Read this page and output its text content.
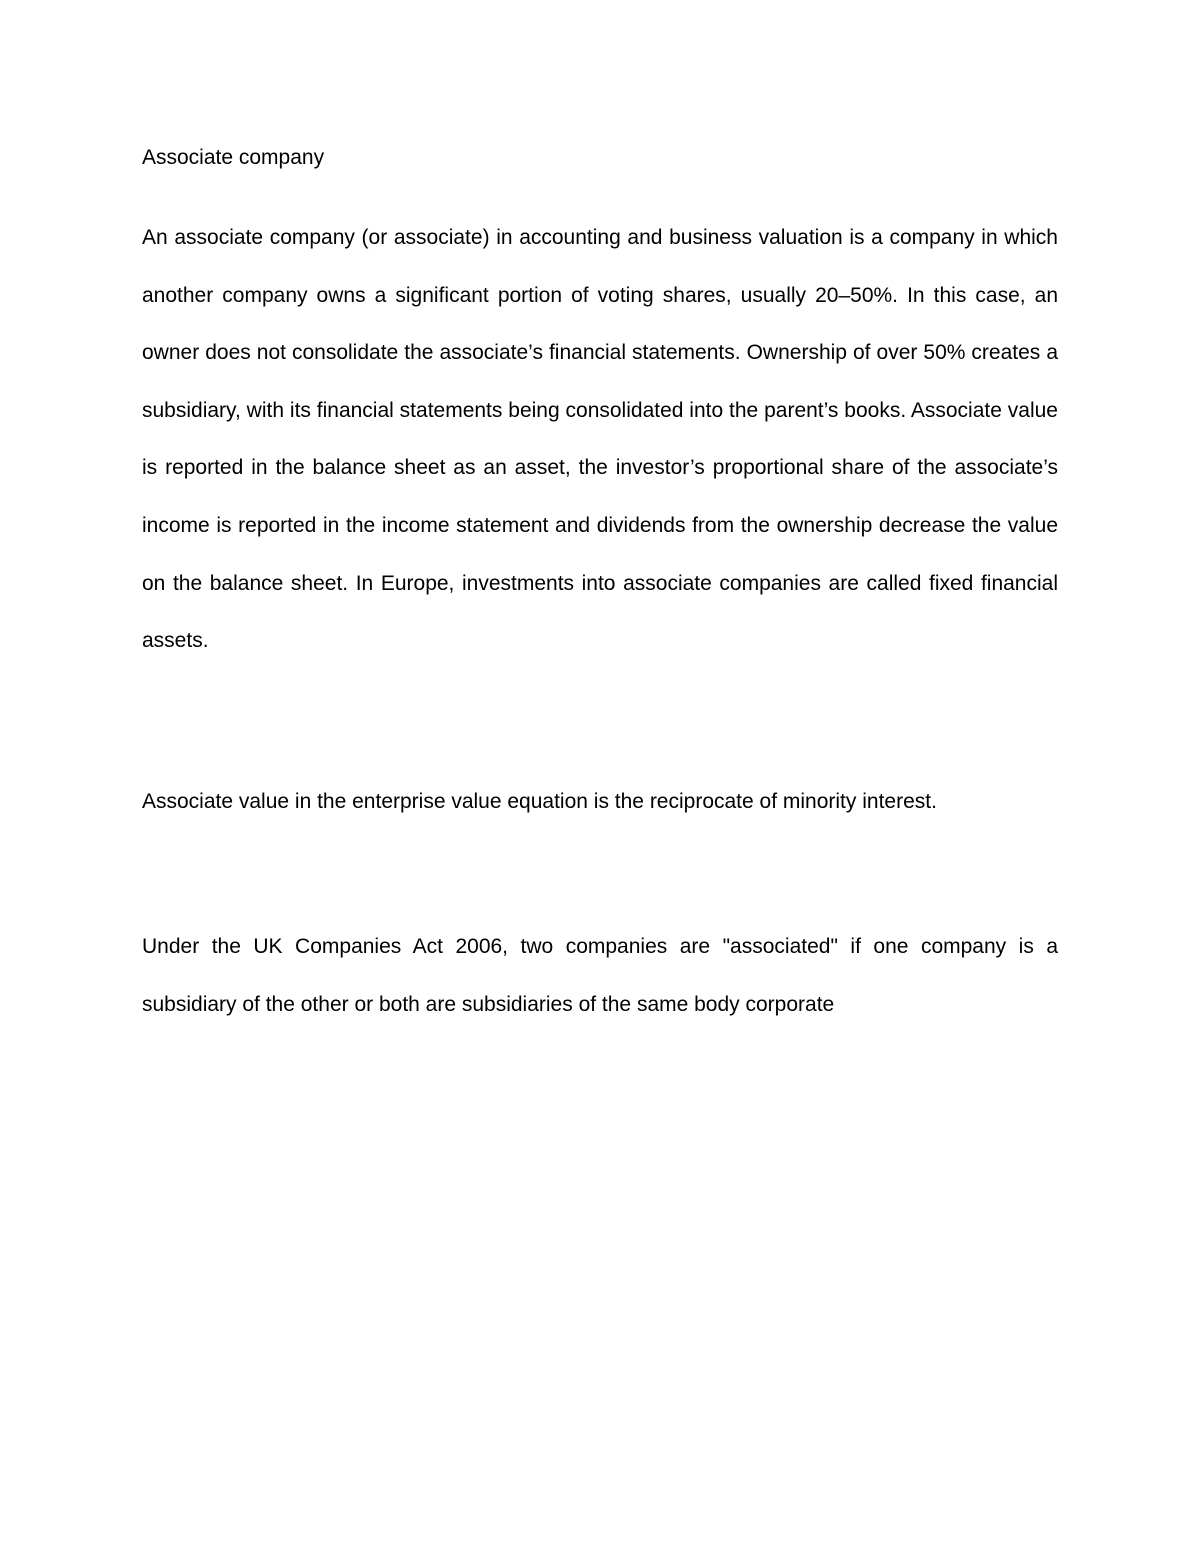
Associate company

An associate company (or associate) in accounting and business valuation is a company in which another company owns a significant portion of voting shares, usually 20–50%. In this case, an owner does not consolidate the associate’s financial statements. Ownership of over 50% creates a subsidiary, with its financial statements being consolidated into the parent’s books. Associate value is reported in the balance sheet as an asset, the investor’s proportional share of the associate’s income is reported in the income statement and dividends from the ownership decrease the value on the balance sheet. In Europe, investments into associate companies are called fixed financial assets.

Associate value in the enterprise value equation is the reciprocate of minority interest.

Under the UK Companies Act 2006, two companies are "associated" if one company is a subsidiary of the other or both are subsidiaries of the same body corporate
